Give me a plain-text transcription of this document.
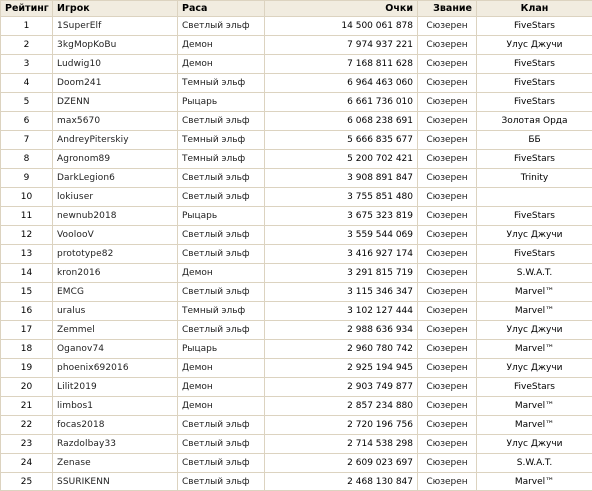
Рейтинг	Игрок	Раса	Очки	Звание	Клан
1	1SuperElf	Светлый эльф	14 500 061 878	Сюзерен	FiveStars
2	3kgMopKoBu	Демон	7 974 937 221	Сюзерен	Улус Джучи
3	Ludwig10	Демон	7 168 811 628	Сюзерен	FiveStars
4	Doom241	Темный эльф	6 964 463 060	Сюзерен	FiveStars
5	DZENN	Рыцарь	6 661 736 010	Сюзерен	FiveStars
6	max5670	Светлый эльф	6 068 238 691	Сюзерен	Золотая Орда
7	AndreyPiterskiy	Темный эльф	5 666 835 677	Сюзерен	ББ
8	Agronom89	Темный эльф	5 200 702 421	Сюзерен	FiveStars
9	DarkLegion6	Светлый эльф	3 908 891 847	Сюзерен	Trinity
10	lokiuser	Светлый эльф	3 755 851 480	Сюзерен	
11	newnub2018	Рыцарь	3 675 323 819	Сюзерен	FiveStars
12	VoolooV	Светлый эльф	3 559 544 069	Сюзерен	Улус Джучи
13	prototype82	Светлый эльф	3 416 927 174	Сюзерен	FiveStars
14	kron2016	Демон	3 291 815 719	Сюзерен	S.W.A.T.
15	EMCG	Светлый эльф	3 115 346 347	Сюзерен	Marvel™
16	uralus	Темный эльф	3 102 127 444	Сюзерен	Marvel™
17	Zemmel	Светлый эльф	2 988 636 934	Сюзерен	Улус Джучи
18	Oganov74	Рыцарь	2 960 780 742	Сюзерен	Marvel™
19	phoenix692016	Демон	2 925 194 945	Сюзерен	Улус Джучи
20	Lilit2019	Демон	2 903 749 877	Сюзерен	FiveStars
21	limbos1	Демон	2 857 234 880	Сюзерен	Marvel™
22	focas2018	Светлый эльф	2 720 196 756	Сюзерен	Marvel™
23	Razdolbay33	Светлый эльф	2 714 538 298	Сюзерен	Улус Джучи
24	Zenase	Светлый эльф	2 609 023 697	Сюзерен	S.W.A.T.
25	SSURIKENN	Светлый эльф	2 468 130 847	Сюзерен	Marvel™
